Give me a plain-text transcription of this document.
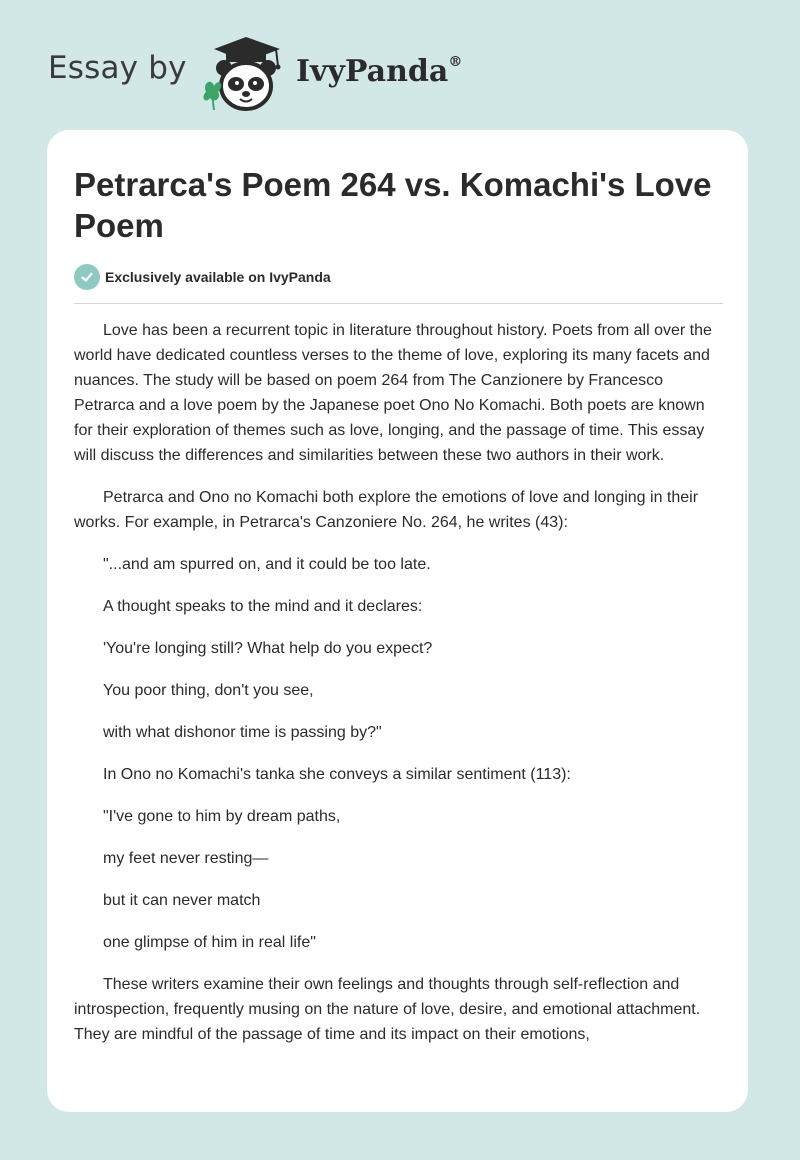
Essay by	IvyPanda®
Petrarca's Poem 264 vs. Komachi's Love Poem
Exclusively available on IvyPanda

Love has been a recurrent topic in literature throughout history. Poets from all over the world have dedicated countless verses to the theme of love, exploring its many facets and nuances. The study will be based on poem 264 from The Canzionere by Francesco Petrarca and a love poem by the Japanese poet Ono No Komachi. Both poets are known for their exploration of themes such as love, longing, and the passage of time. This essay will discuss the differences and similarities between these two authors in their work.

Petrarca and Ono no Komachi both explore the emotions of love and longing in their works. For example, in Petrarca's Canzoniere No. 264, he writes (43):

"...and am spurred on, and it could be too late.

A thought speaks to the mind and it declares:

'You're longing still? What help do you expect?

You poor thing, don't you see,

with what dishonor time is passing by?"

In Ono no Komachi's tanka she conveys a similar sentiment (113):

"I've gone to him by dream paths,

my feet never resting—

but it can never match

one glimpse of him in real life"

These writers examine their own feelings and thoughts through self-reflection and introspection, frequently musing on the nature of love, desire, and emotional attachment. They are mindful of the passage of time and its impact on their emotions,
